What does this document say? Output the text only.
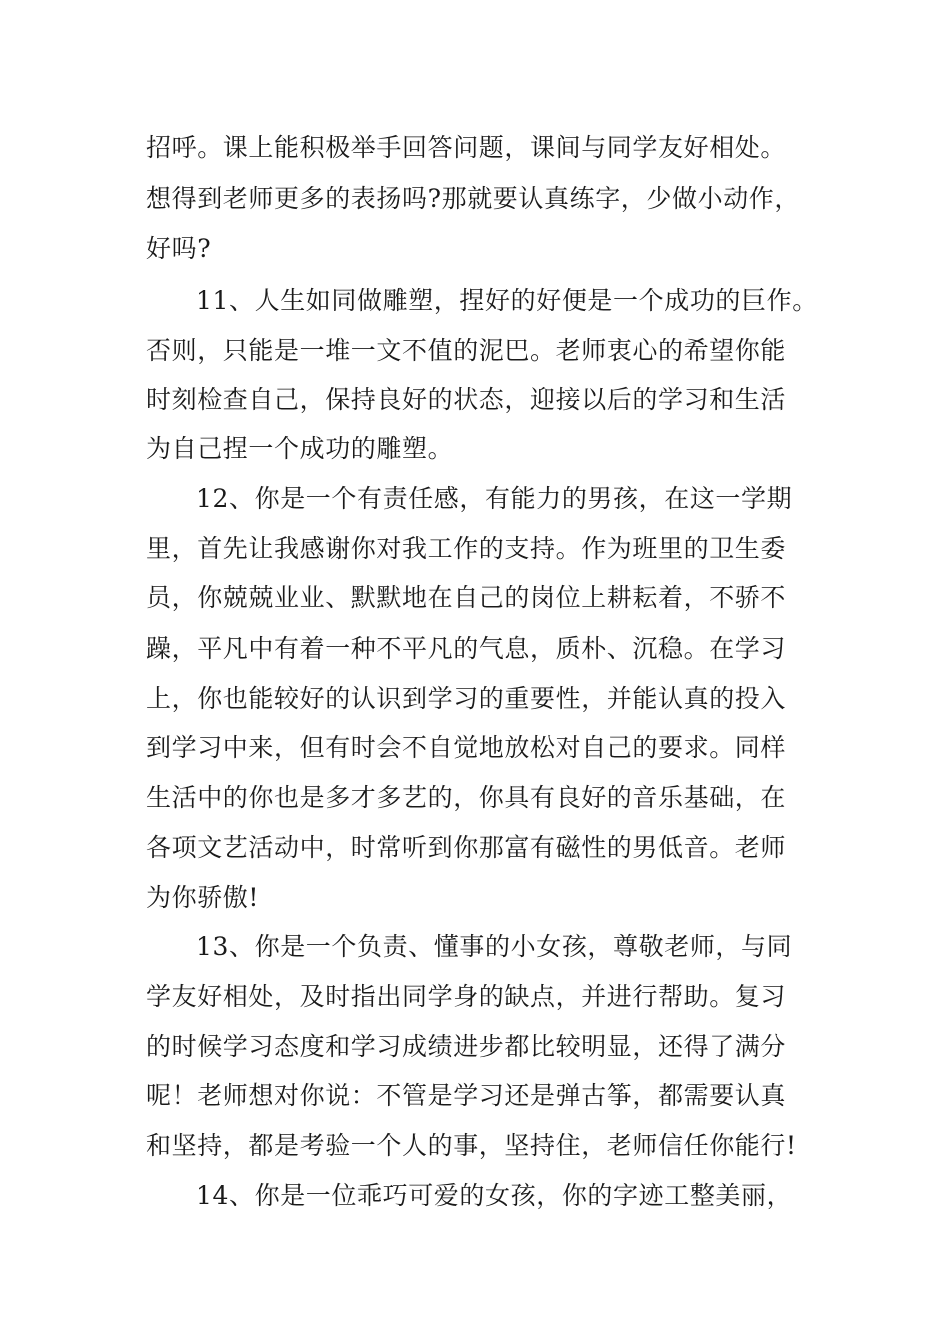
招呼。课上能积极举手回答问题，课间与同学友好相处。

想得到老师更多的表扬吗?那就要认真练字，少做小动作，

好吗?

11、人生如同做雕塑，捏好的好便是一个成功的巨作。

否则，只能是一堆一文不值的泥巴。老师衷心的希望你能

时刻检查自己，保持良好的状态，迎接以后的学习和生活

为自己捏一个成功的雕塑。

12、你是一个有责任感，有能力的男孩，在这一学期

里，首先让我感谢你对我工作的支持。作为班里的卫生委

员，你兢兢业业、默默地在自己的岗位上耕耘着，不骄不

躁，平凡中有着一种不平凡的气息，质朴、沉稳。在学习

上，你也能较好的认识到学习的重要性，并能认真的投入

到学习中来，但有时会不自觉地放松对自己的要求。同样

生活中的你也是多才多艺的，你具有良好的音乐基础，在

各项文艺活动中，时常听到你那富有磁性的男低音。老师

为你骄傲!

13、你是一个负责、懂事的小女孩，尊敬老师，与同

学友好相处，及时指出同学身的缺点，并进行帮助。复习

的时候学习态度和学习成绩进步都比较明显，还得了满分

呢！老师想对你说：不管是学习还是弹古筝，都需要认真

和坚持，都是考验一个人的事，坚持住，老师信任你能行!

14、你是一位乖巧可爱的女孩，你的字迹工整美丽，
